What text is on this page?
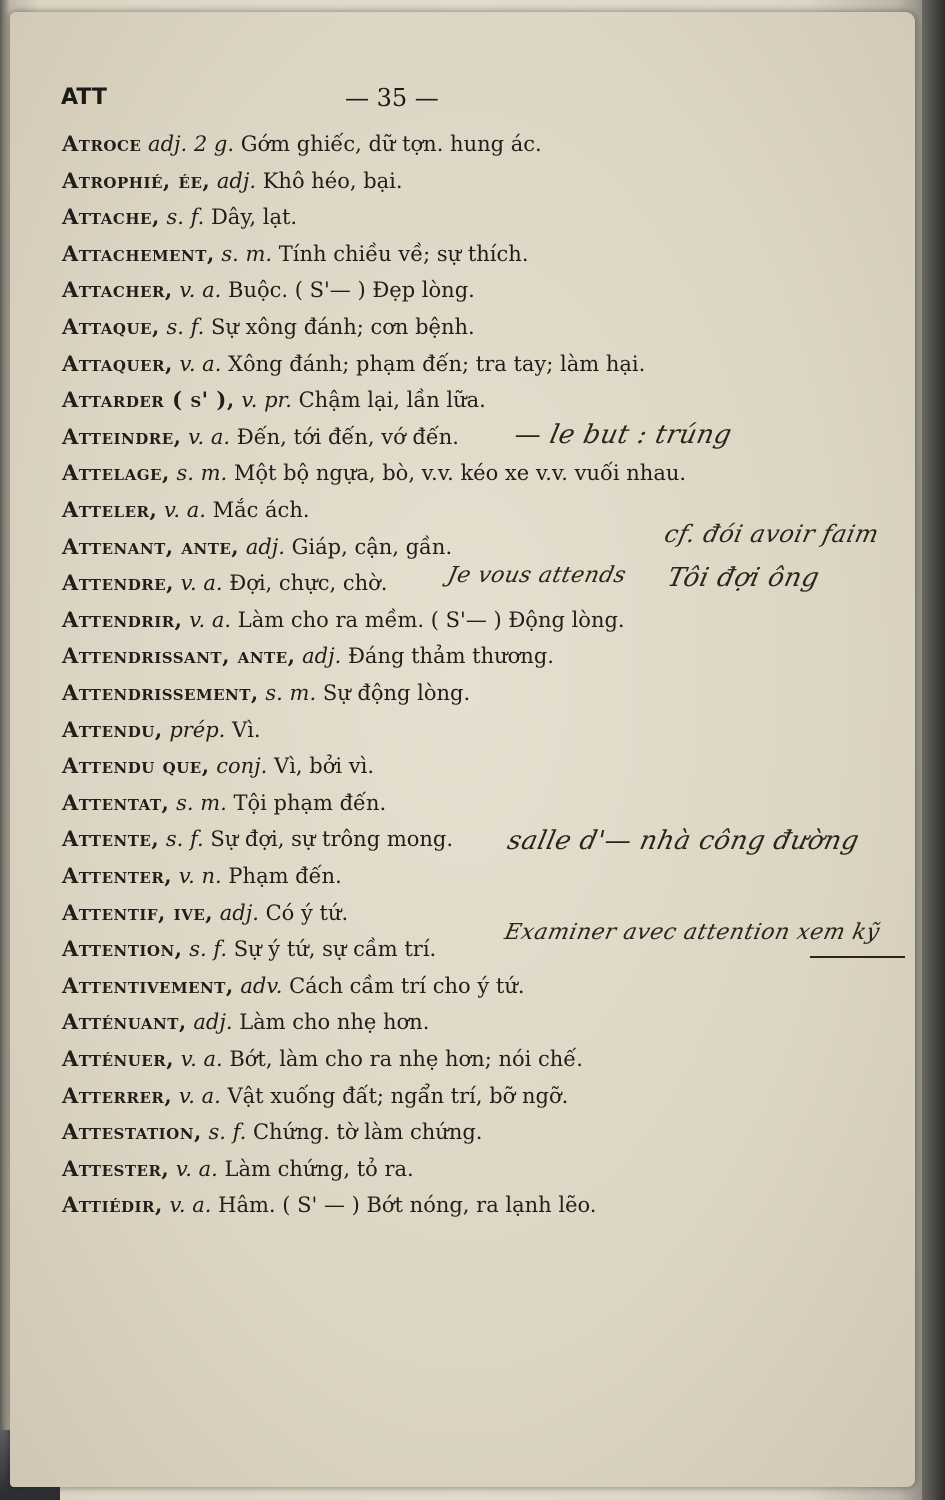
ATT	— 35 —
Atroce adj. 2 g. Gớm ghiếc, dữ tợn. hung ác.
Atrophié, ée, adj. Khô héo, bại.
Attache, s. f. Dây, lạt.
Attachement, s. m. Tính chiều về; sự thích.
Attacher, v. a. Buộc. ( S'— ) Đẹp lòng.
Attaque, s. f. Sự xông đánh; cơn bệnh.
Attaquer, v. a. Xông đánh; phạm đến; tra tay; làm hại.
Attarder ( s' ), v. pr. Chậm lại, lần lữa.
Atteindre, v. a. Đến, tới đến, vớ đến.
Attelage, s. m. Một bộ ngựa, bò, v.v. kéo xe v.v. vuối nhau.
Atteler, v. a. Mắc ách.
Attenant, ante, adj. Giáp, cận, gần.
Attendre, v. a. Đợi, chực, chờ.
Attendrir, v. a. Làm cho ra mềm. ( S'— ) Động lòng.
Attendrissant, ante, adj. Đáng thảm thương.
Attendrissement, s. m. Sự động lòng.
Attendu, prép. Vì.
Attendu que, conj. Vì, bởi vì.
Attentat, s. m. Tội phạm đến.
Attente, s. f. Sự đợi, sự trông mong.
Attenter, v. n. Phạm đến.
Attentif, ive, adj. Có ý tứ.
Attention, s. f. Sự ý tứ, sự cầm trí.
Attentivement, adv. Cách cầm trí cho ý tứ.
Atténuant, adj. Làm cho nhẹ hơn.
Atténuer, v. a. Bớt, làm cho ra nhẹ hơn; nói chế.
Atterrer, v. a. Vật xuống đất; ngẩn trí, bỡ ngỡ.
Attestation, s. f. Chứng. tờ làm chứng.
Attester, v. a. Làm chứng, tỏ ra.
Attiédir, v. a. Hâm. ( S' — ) Bớt nóng, ra lạnh lẽo.
— le but : trúng
cf. đói avoir faim
Je vous attends Tôi đợi ông
salle d'— nhà công đường
Examiner avec attention xem kỹ
